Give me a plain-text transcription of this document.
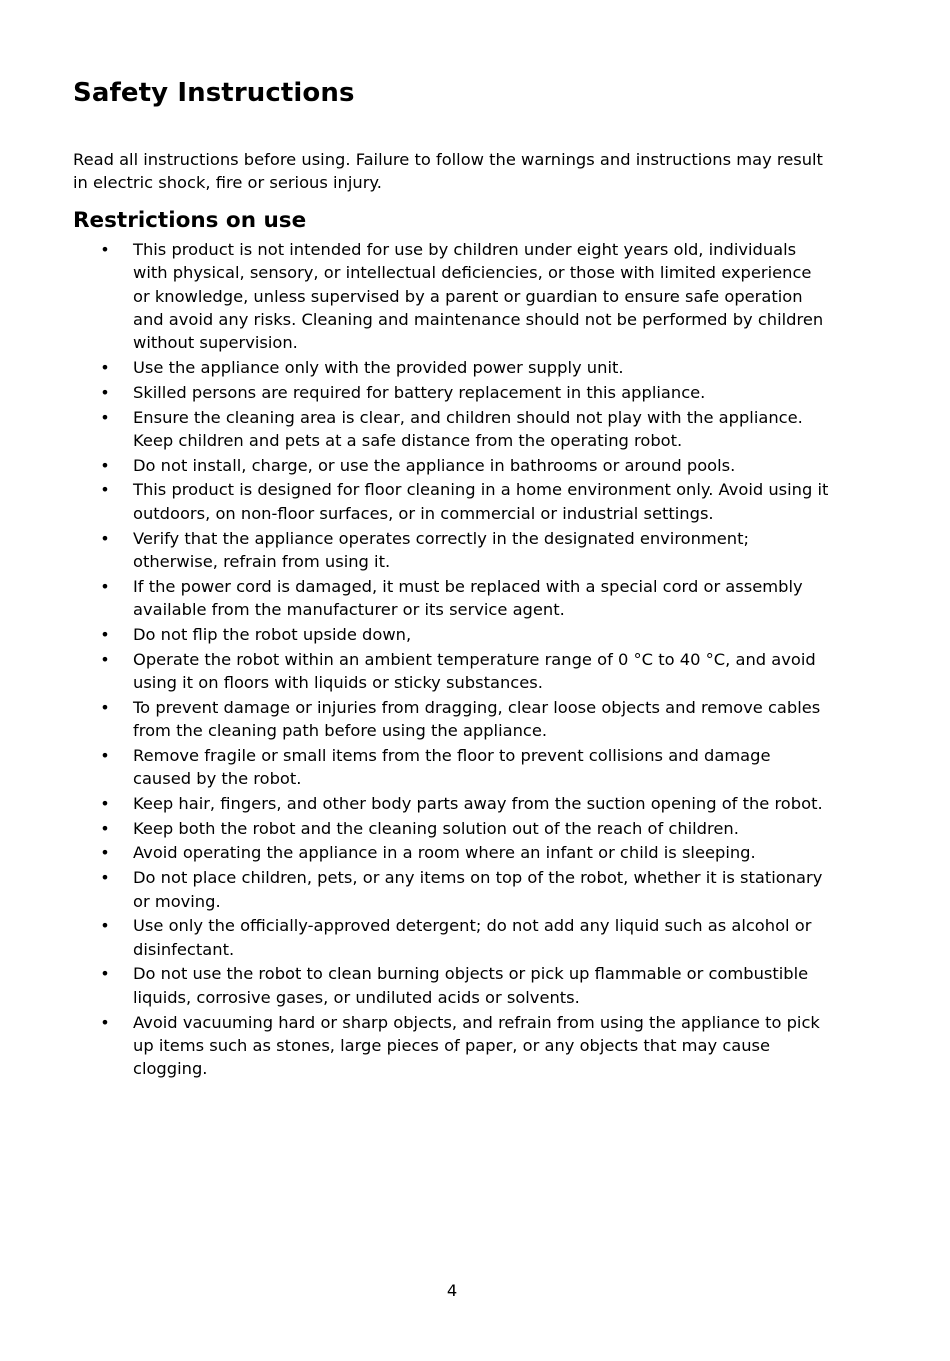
Safety Instructions

Read all instructions before using. Failure to follow the warnings and instructions may result in electric shock, fire or serious injury.

Restrictions on use
• This product is not intended for use by children under eight years old, individuals with physical, sensory, or intellectual deficiencies, or those with limited experience or knowledge, unless supervised by a parent or guardian to ensure safe operation and avoid any risks. Cleaning and maintenance should not be performed by children without supervision.
• Use the appliance only with the provided power supply unit.
• Skilled persons are required for battery replacement in this appliance.
• Ensure the cleaning area is clear, and children should not play with the appliance. Keep children and pets at a safe distance from the operating robot.
• Do not install, charge, or use the appliance in bathrooms or around pools.
• This product is designed for floor cleaning in a home environment only. Avoid using it outdoors, on non-floor surfaces, or in commercial or industrial settings.
• Verify that the appliance operates correctly in the designated environment; otherwise, refrain from using it.
• If the power cord is damaged, it must be replaced with a special cord or assembly available from the manufacturer or its service agent.
• Do not flip the robot upside down,
• Operate the robot within an ambient temperature range of 0 °C to 40 °C, and avoid using it on floors with liquids or sticky substances.
• To prevent damage or injuries from dragging, clear loose objects and remove cables from the cleaning path before using the appliance.
• Remove fragile or small items from the floor to prevent collisions and damage caused by the robot.
• Keep hair, fingers, and other body parts away from the suction opening of the robot.
• Keep both the robot and the cleaning solution out of the reach of children.
• Avoid operating the appliance in a room where an infant or child is sleeping.
• Do not place children, pets, or any items on top of the robot, whether it is stationary or moving.
• Use only the officially-approved detergent; do not add any liquid such as alcohol or disinfectant.
• Do not use the robot to clean burning objects or pick up flammable or combustible liquids, corrosive gases, or undiluted acids or solvents.
• Avoid vacuuming hard or sharp objects, and refrain from using the appliance to pick up items such as stones, large pieces of paper, or any objects that may cause clogging.
4
